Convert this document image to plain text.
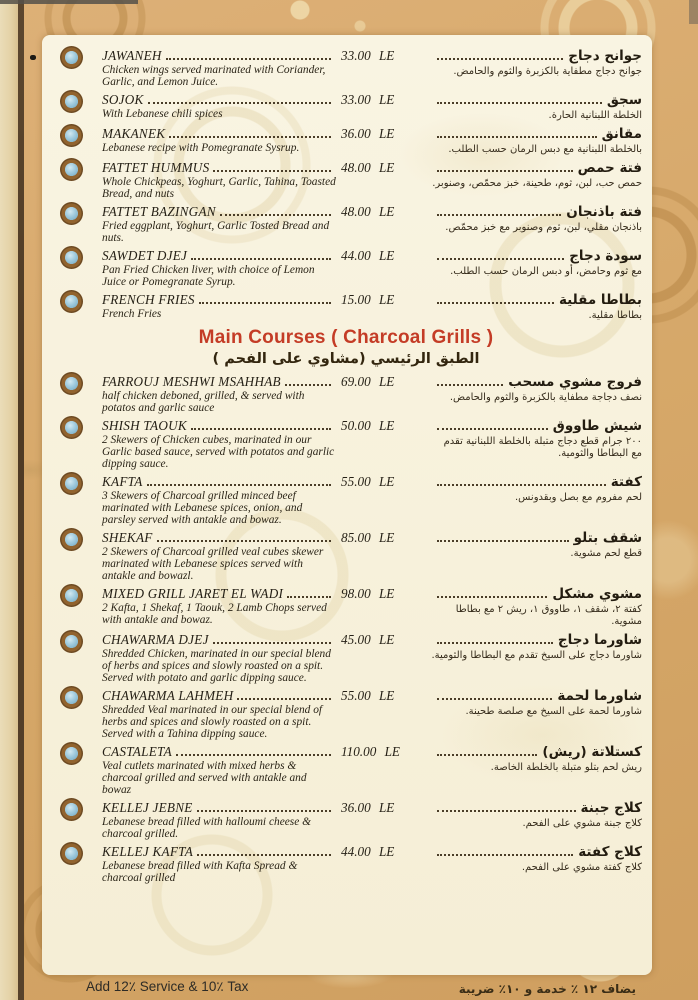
JAWANEH
Chicken wings served marinated with Coriander, Garlic, and Lemon Juice.
33.00 LE	جوانح دجاج
جوانح دجاج مطفاية بالكزبرة والثوم والحامض.
SOJOK
With Lebanese chili spices
33.00 LE	سجق
الخلطة اللبنانية الحارة.
MAKANEK
Lebanese recipe with Pomegranate Sysrup.
36.00 LE	مقانق
بالخلطة اللبنانية مع دبس الرمان حسب الطلب.
FATTET HUMMUS
Whole Chickpeas, Yoghurt, Garlic, Tahina, Toasted Bread, and nuts
48.00 LE	فتة حمص
حمص حب، لبن، ثوم، طحينة، خبز محمّص، وصنوبر.
FATTET BAZINGAN
Fried eggplant, Yoghurt, Garlic Tosted Bread and nuts.
48.00 LE	فتة باذنجان
باذنجان مقلي، لبن، ثوم وصنوبر مع خبز محمّص.
SAWDET DJEJ
Pan Fried Chicken liver, with choice of Lemon Juice or Pomegranate Syrup.
44.00 LE	سودة دجاج
مع ثوم وحامض، أو دبس الرمان حسب الطلب.
FRENCH FRIES
French Fries
15.00 LE	بطاطا مقلية
بطاطا مقلية.
Main Courses ( Charcoal Grills )
الطبق الرئيسي (مشاوي على الفحم )
FARROUJ MESHWI MSAHHAB
half chicken deboned, grilled, & served with potatos and garlic sauce
69.00 LE	فروج مشوي مسحب
نصف دجاجة مطفاية بالكزبرة والثوم والحامض.
SHISH TAOUK
2 Skewers of Chicken cubes, marinated in our Garlic based sauce, served with potatos and garlic dipping sauce.
50.00 LE	شيش طاووق
٢٠٠ جرام قطع دجاج متبلة بالخلطة اللبنانية تقدم مع البطاطا والثومية.
KAFTA
3 Skewers of Charcoal grilled minced beef marinated with Lebanese spices, onion, and parsley served with antakle and bowaz.
55.00 LE	كفتة
لحم مفروم مع بصل وبقدونس.
SHEKAF
2 Skewers of Charcoal grilled veal cubes skewer marinated with Lebanese spices served with antakle and bowazl.
85.00 LE	شقف بتلو
قطع لحم مشوية.
MIXED GRILL JARET EL WADI
2 Kafta, 1 Shekaf, 1 Taouk, 2 Lamb Chops served with antakle and bowaz.
98.00 LE	مشوي مشكل
كفتة ٢، شقف ١، طاووق ١، ريش ٢ مع بطاطا مشوية.
CHAWARMA DJEJ
Shredded Chicken, marinated in our special blend of herbs and spices and slowly roasted on a spit. Served with potato and garlic dipping sauce.
45.00 LE	شاورما دجاج
شاورما دجاج على السيخ تقدم مع البطاطا والثومية.
CHAWARMA LAHMEH
Shredded Veal marinated in our special blend of herbs and spices and slowly roasted on a spit. Served with a Tahina dipping sauce.
55.00 LE	شاورما لحمة
شاورما لحمة على السيخ مع صلصة طحينة.
CASTALETA
Veal cutlets marinated with mixed herbs & charcoal grilled and served with antakle and bowaz
110.00 LE	كستلاتة (ريش)
ريش لحم بتلو متبلة بالخلطة الخاصة.
KELLEJ JEBNE
Lebanese bread filled with halloumi cheese & charcoal grilled.
36.00 LE	كلاج جبنة
كلاج جبنة مشوي على الفحم.
KELLEJ KAFTA
Lebanese bread filled with Kafta Spread & charcoal grilled
44.00 LE	كلاج كفتة
كلاج كفتة مشوي على الفحم.
Add 12٪ Service & 10٪ Tax	يضاف ١٢ ٪ خدمة و ١٠٪ ضريبة
